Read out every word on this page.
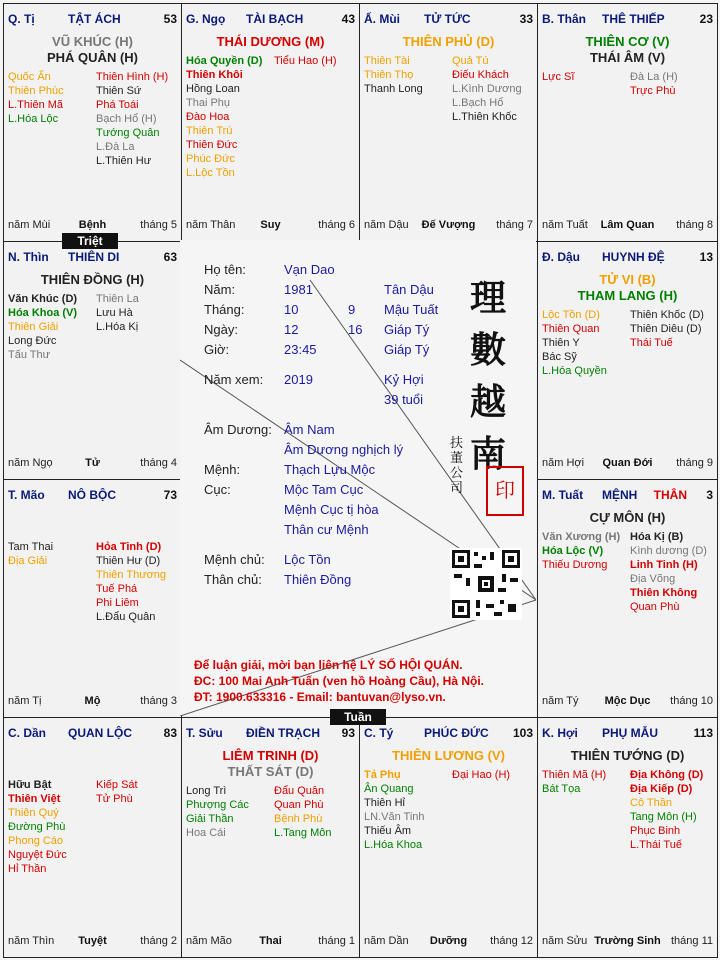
Q. Tị	TẬT ÁCH	53
VŨ KHÚC (H)
PHÁ QUÂN (H)
Quốc Ấn
Thiên Phúc
L.Thiên Mã
L.Hóa Lộc
Thiên Hình (H)
Thiên Sứ
Phá Toái
Bạch Hổ (H)
Tướng Quân
L.Đà La
L.Thiên Hư
năm Mùi	Bệnh	tháng 5
G. Ngọ TÀI BẠCH	43
THÁI DƯƠNG (M)
Hóa Quyền (D)
Thiên Khôi
Hồng Loan
Thai Phụ
Đào Hoa
Thiên Trù
Thiên Đức
Phúc Đức
L.Lộc Tồn
Tiểu Hao (H)
năm Thân	Suy	tháng 6
Ấ. Mùi TỬ TỨC	33
THIÊN PHỦ (D)
Thiên Tài
Thiên Thọ
Thanh Long
Quả Tú
Điếu Khách
L.Kình Dương
L.Bạch Hổ
L.Thiên Khốc
năm Dậu	Đế Vượng	tháng 7
B. Thân THÊ THIẾP	23
THIÊN CƠ (V)
THÁI ÂM (V)
Lực Sĩ	Đà La (H)
Trực Phù
năm Tuất	Lâm Quan	tháng 8
N. Thìn THIÊN DI	63
THIÊN ĐỒNG (H)
Văn Khúc (D)
Hóa Khoa (V)
Thiên Giải
Long Đức
Tấu Thư
Thiên La
Lưu Hà
L.Hóa Kị
năm Ngọ	Tử	tháng 4
Đ. Dậu HUYNH ĐỆ	13
TỬ VI (B)
THAM LANG (H)
Lộc Tồn (D)
Thiên Quan
Thiên Y
Bác Sỹ
L.Hóa Quyền
Thiên Khốc (D)
Thiên Diêu (D)
Thái Tuế
năm Hợi	Quan Đới	tháng 9
T. Mão NÔ BỘC	73
Tam Thai
Địa Giải
Hỏa Tinh (D)
Thiên Hư (D)
Thiên Thương
Tuế Phá
Phi Liêm
L.Đẩu Quân
năm Tị	Mộ	tháng 3
M. Tuất MỆNH THÂN 3
CỰ MÔN (H)
Văn Xương (H)
Hóa Lộc (V)
Thiếu Dương
Hóa Kị (B)
Kình dương (D)
Linh Tinh (H)
Địa Võng
Thiên Không
Quan Phù
năm Tý	Mộc Dục	tháng 10
C. Dần QUAN LỘC	83
Hữu Bật
Thiên Việt
Thiên Quý
Đường Phù
Phong Cáo
Nguyệt Đức
Hỉ Thần
Kiếp Sát
Tử Phù
năm Thìn	Tuyệt	tháng 2
T. Sửu ĐIỀN TRẠCH 93
LIÊM TRINH (D)
THẤT SÁT (D)
Long Trì
Phượng Các
Giải Thần
Hoa Cái
Đẩu Quân
Quan Phù
Bệnh Phù
L.Tang Môn
năm Mão	Thai	tháng 1
C. Tý	PHÚC ĐỨC 103
THIÊN LƯƠNG (V)
Tả Phụ
Ân Quang
Thiên Hỉ
LN.Văn Tinh
Thiếu Âm
L.Hóa Khoa
Đại Hao (H)
năm Dần	Dưỡng	tháng 12
K. Hợi PHỤ MẪU	113
THIÊN TƯỚNG (D)
Thiên Mã (H)
Bát Tọa
Địa Không (D)
Địa Kiếp (D)
Cô Thần
Tang Môn (H)
Phục Binh
L.Thái Tuế
năm Sửu Trường Sinh tháng 11
Họ tên:	Vạn Dao
Năm:	1981	Tân Dậu
Tháng:	10	9 Mậu Tuất
Ngày:	12	16 Giáp Tý
Giờ:	23:45	Giáp Tý
Năm xem: 2019	Kỷ Hợi
39 tuổi
Âm Dương: Âm Nam
Âm Dương nghịch lý
Mệnh:	Thạch Lựu Mộc
Cục:	Mộc Tam Cục
Mệnh Cục tị hòa
Thân cư Mệnh
Mệnh chủ: Lộc Tồn
Thân chủ: Thiên Đồng
理
數
越
南
扶董公司	印
Để luận giải, mời bạn liên hệ LÝ SỐ HỘI QUÁN.
ĐC: 100 Mai Anh Tuấn (ven hồ Hoàng Cầu), Hà Nội.
ĐT: 1900.633316 - Email: bantuvan@lyso.vn.
Triệt
Tuần
